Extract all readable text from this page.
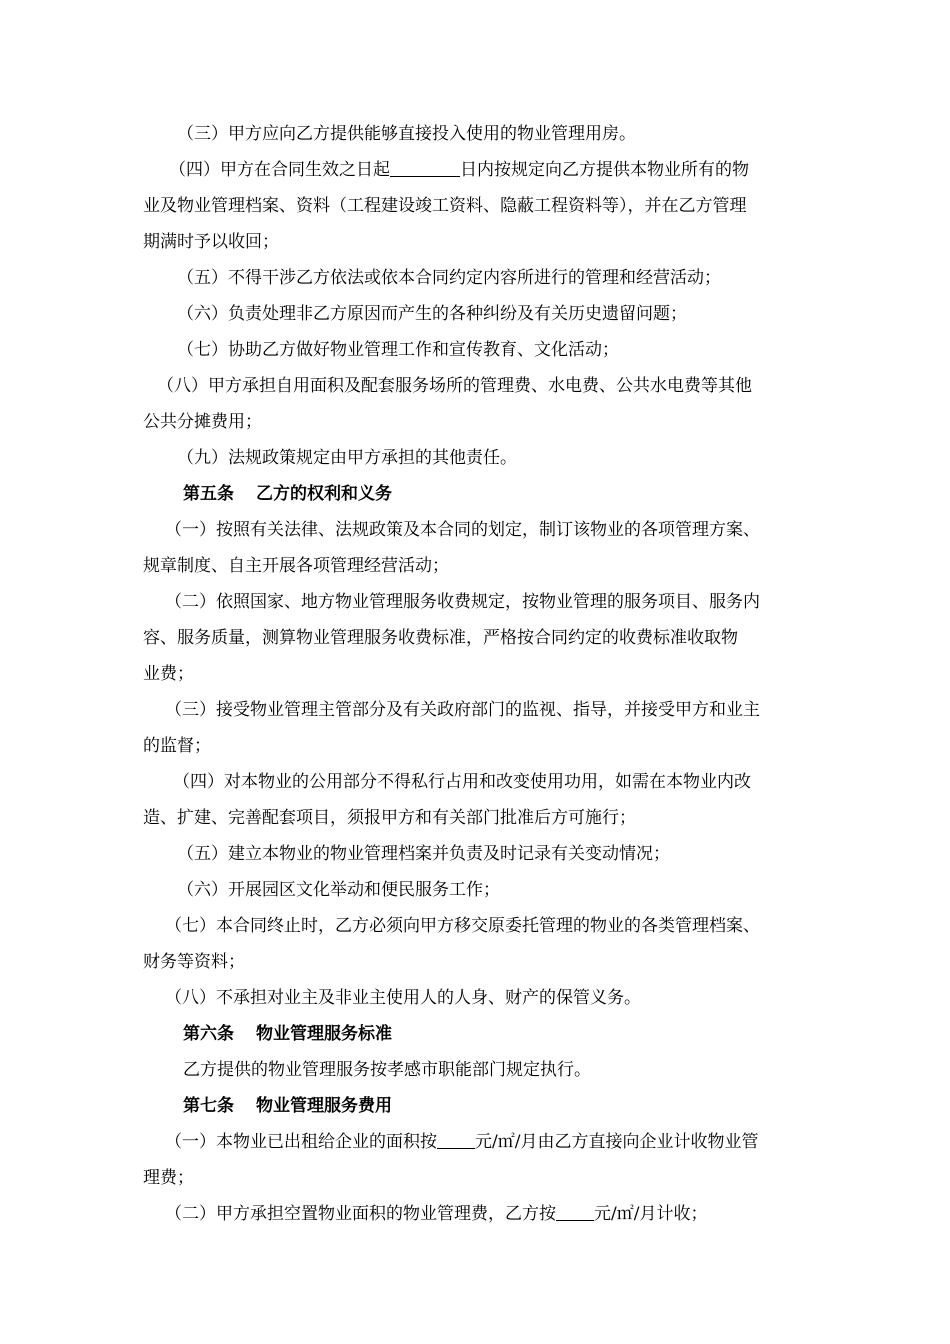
（三）甲方应向乙方提供能够直接投入使用的物业管理用房。
（四）甲方在合同生效之日起	日内按规定向乙方提供本物业所有的物
业及物业管理档案、资料（工程建设竣工资料、隐蔽工程资料等），并在乙方管理
期满时予以收回；
（五）不得干涉乙方依法或依本合同约定内容所进行的管理和经营活动；
（六）负责处理非乙方原因而产生的各种纠纷及有关历史遗留问题；
（七）协助乙方做好物业管理工作和宣传教育、文化活动；
（八）甲方承担自用面积及配套服务场所的管理费、水电费、公共水电费等其他
公共分摊费用；
（九）法规政策规定由甲方承担的其他责任。
第五条 乙方的权利和义务
（一）按照有关法律、法规政策及本合同的划定，制订该物业的各项管理方案、
规章制度、自主开展各项管理经营活动；
（二）依照国家、地方物业管理服务收费规定，按物业管理的服务项目、服务内
容、服务质量，测算物业管理服务收费标准，严格按合同约定的收费标准收取物
业费；
（三）接受物业管理主管部分及有关政府部门的监视、指导，并接受甲方和业主
的监督；
（四）对本物业的公用部分不得私行占用和改变使用功用，如需在本物业内改
造、扩建、完善配套项目，须报甲方和有关部门批准后方可施行；
（五）建立本物业的物业管理档案并负责及时记录有关变动情况；
（六）开展园区文化举动和便民服务工作；
（七）本合同终止时，乙方必须向甲方移交原委托管理的物业的各类管理档案、
财务等资料；
（八）不承担对业主及非业主使用人的人身、财产的保管义务。
第六条 物业管理服务标准
乙方提供的物业管理服务按孝感市职能部门规定执行。
第七条 物业管理服务费用
（一）本物业已出租给企业的面积按 元/㎡/月由乙方直接向企业计收物业管
理费；
（二）甲方承担空置物业面积的物业管理费，乙方按 元/㎡/月计收；
